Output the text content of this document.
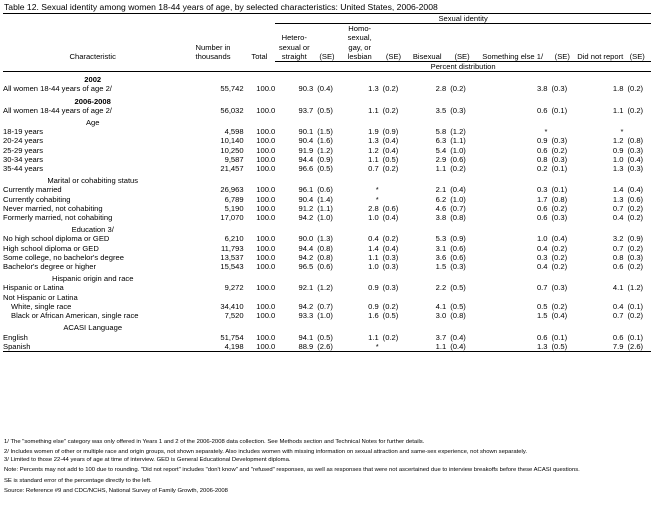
Table 12. Sexual identity among women 18-44 years of age, by selected characteristics: United States, 2006-2008
			Sexual identity									
Characteristic	Number in thousands	Total	Hetero- sexual or straight	(SE)	Homo- sexual, gay, or lesbian	(SE)	Bisexual	(SE)	Something else 1/	(SE)	Did not report	(SE)
			Percent distribution									
2002												
All women 18-44 years of age 2/	55,742	100.0	90.3	(0.4)	1.3	(0.2)	2.8	(0.2)	3.8	(0.3)	1.8	(0.2)
2006-2008												
All women 18-44 years of age 2/	56,032	100.0	93.7	(0.5)	1.1	(0.2)	3.5	(0.3)	0.6	(0.1)	1.1	(0.2)
Age												
18-19 years	4,598	100.0	90.1	(1.5)	1.9	(0.9)	5.8	(1.2)	*		*	
20-24 years	10,140	100.0	90.4	(1.6)	1.3	(0.4)	6.3	(1.1)	0.9	(0.3)	1.2	(0.8)
25-29 years	10,250	100.0	91.9	(1.2)	1.2	(0.4)	5.4	(1.0)	0.6	(0.2)	0.9	(0.3)
30-34 years	9,587	100.0	94.4	(0.9)	1.1	(0.5)	2.9	(0.6)	0.8	(0.3)	1.0	(0.4)
35-44 years	21,457	100.0	96.6	(0.5)	0.7	(0.2)	1.1	(0.2)	0.2	(0.1)	1.3	(0.3)
Marital or cohabiting status												
Currently married	26,963	100.0	96.1	(0.6)	*		2.1	(0.4)	0.3	(0.1)	1.4	(0.4)
Currently cohabiting	6,789	100.0	90.4	(1.4)	*		6.2	(1.0)	1.7	(0.8)	1.3	(0.6)
Never married, not cohabiting	5,190	100.0	91.2	(1.1)	2.8	(0.6)	4.6	(0.7)	0.6	(0.2)	0.7	(0.2)
Formerly married, not cohabiting	17,070	100.0	94.2	(1.0)	1.0	(0.4)	3.8	(0.8)	0.6	(0.3)	0.4	(0.2)
Education 3/												
No high school diploma or GED	6,210	100.0	90.0	(1.3)	0.4	(0.2)	5.3	(0.9)	1.0	(0.4)	3.2	(0.9)
High school diploma or GED	11,793	100.0	94.4	(0.8)	1.4	(0.4)	3.1	(0.6)	0.4	(0.2)	0.7	(0.2)
Some college, no bachelor's degree	13,537	100.0	94.2	(0.8)	1.1	(0.3)	3.6	(0.6)	0.3	(0.2)	0.8	(0.3)
Bachelor's degree or higher	15,543	100.0	96.5	(0.6)	1.0	(0.3)	1.5	(0.3)	0.4	(0.2)	0.6	(0.2)
Hispanic origin and race												
Hispanic or Latina	9,272	100.0	92.1	(1.2)	0.9	(0.3)	2.2	(0.5)	0.7	(0.3)	4.1	(1.2)
Not Hispanic or Latina												
White, single race	34,410	100.0	94.2	(0.7)	0.9	(0.2)	4.1	(0.5)	0.5	(0.2)	0.4	(0.1)
Black or African American, single race	7,520	100.0	93.3	(1.0)	1.6	(0.5)	3.0	(0.8)	1.5	(0.4)	0.7	(0.2)
ACASI Language												
English	51,754	100.0	94.1	(0.5)	1.1	(0.2)	3.7	(0.4)	0.6	(0.1)	0.6	(0.1)
Spanish	4,198	100.0	88.9	(2.6)	*		1.1	(0.4)	1.3	(0.5)	7.9	(2.6)

1/ The "something else" category was only offered in Years 1 and 2 of the 2006-2008 data collection. See Methods section and Technical Notes for further details.

2/ Includes women of other or multiple race and origin groups, not shown separately. Also includes women with missing information on sexual attraction and same-sex experience, not shown separately.

3/ Limited to those 22-44 years of age at time of interview. GED is General Educational Development diploma.

Note: Percents may not add to 100 due to rounding. "Did not report" includes "don't know" and "refused" responses, as well as responses that were not ascertained due to interview breakoffs before these ACASI questions.

SE is standard error of the percentage directly to the left.

Source: Reference #9 and CDC/NCHS, National Survey of Family Growth, 2006-2008
